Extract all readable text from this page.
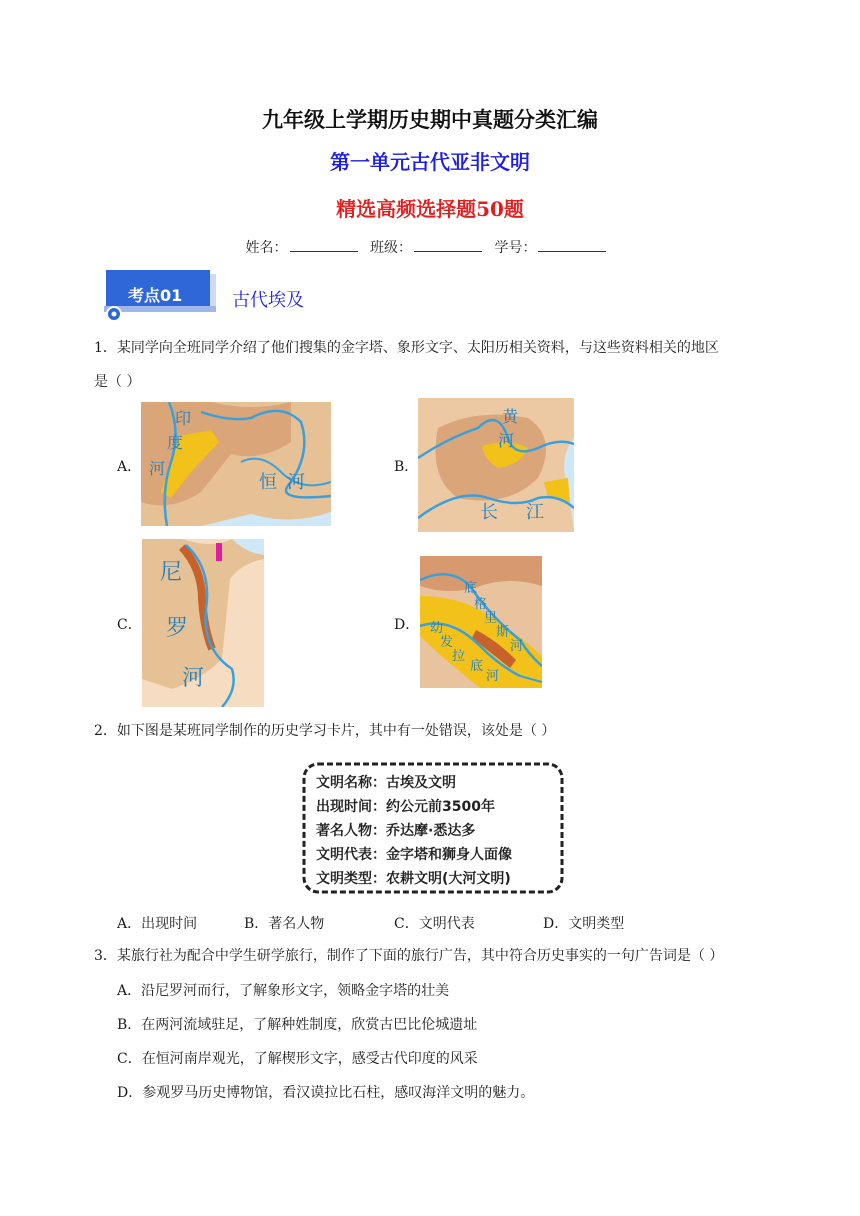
九年级上学期历史期中真题分类汇编
第一单元古代亚非文明
精选高频选择题50题
姓名：	班级：	学号：
考点01	古代埃及
1．某同学向全班同学介绍了他们搜集的金字塔、象形文字、太阳历相关资料，与这些资料相关的地区
是（ ）
A．
印
度
河
恒 河
B．
黄
河
长 江
C．
尼
罗
河
D．
底
格
里
斯
河
幼
发
拉
底
河
2．如下图是某班同学制作的历史学习卡片，其中有一处错误，该处是（ ）
文明名称：古埃及文明
出现时间：约公元前3500年
著名人物：乔达摩·悉达多
文明代表：金字塔和狮身人面像
文明类型：农耕文明(大河文明)
A．出现时间	B．著名人物	C．文明代表	D．文明类型
3．某旅行社为配合中学生研学旅行，制作了下面的旅行广告，其中符合历史事实的一句广告词是（ ）
A．沿尼罗河而行，了解象形文字，领略金字塔的壮美
B．在两河流域驻足，了解种姓制度，欣赏古巴比伦城遗址
C．在恒河南岸观光，了解楔形文字，感受古代印度的风采
D．参观罗马历史博物馆，看汉谟拉比石柱，感叹海洋文明的魅力。
